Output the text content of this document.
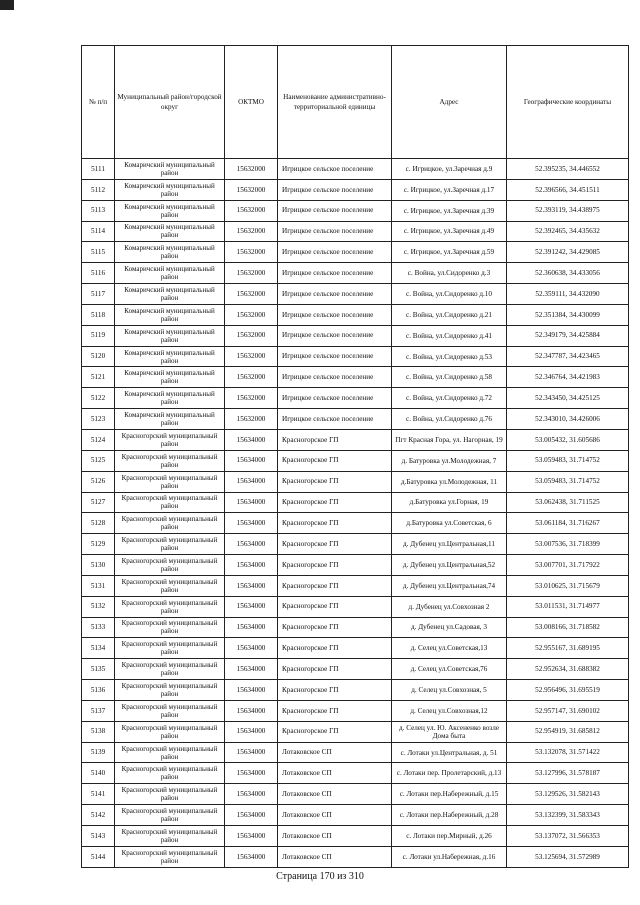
№ п/п	Муниципальный район/городской округ	ОКТМО	Наименование административно-территориальной единицы	Адрес	Географические координаты
5111	Комаричский муниципальный район	15632000	Игрицкое сельское поселение	с. Игрицкое, ул.Заречная д.9	52.395235, 34.446552
5112	Комаричский муниципальный район	15632000	Игрицкое сельское поселение	с. Игрицкое, ул.Заречная д.17	52.396566, 34.451511
5113	Комаричский муниципальный район	15632000	Игрицкое сельское поселение	с. Игрицкое, ул.Заречная д.39	52.393119, 34.438975
5114	Комаричский муниципальный район	15632000	Игрицкое сельское поселение	с. Игрицкое, ул.Заречная д.49	52.392465, 34.435632
5115	Комаричский муниципальный район	15632000	Игрицкое сельское поселение	с. Игрицкое, ул.Заречная д.59	52.391242, 34.429085
5116	Комаричский муниципальный район	15632000	Игрицкое сельское поселение	с. Война, ул.Сидоренко д.3	52.360638, 34.433056
5117	Комаричский муниципальный район	15632000	Игрицкое сельское поселение	с. Война, ул.Сидоренко д.10	52.359111, 34.432090
5118	Комаричский муниципальный район	15632000	Игрицкое сельское поселение	с. Война, ул.Сидоренко д.21	52.351384, 34.430099
5119	Комаричский муниципальный район	15632000	Игрицкое сельское поселение	с. Война, ул.Сидоренко д.41	52.349179, 34.425884
5120	Комаричский муниципальный район	15632000	Игрицкое сельское поселение	с. Война, ул.Сидоренко д.53	52.347787, 34.423465
5121	Комаричский муниципальный район	15632000	Игрицкое сельское поселение	с. Война, ул.Сидоренко д.58	52.346764, 34.421983
5122	Комаричский муниципальный район	15632000	Игрицкое сельское поселение	с. Война, ул.Сидоренко д.72	52.343450, 34.425125
5123	Комаричский муниципальный район	15632000	Игрицкое сельское поселение	с. Война, ул.Сидоренко д.76	52.343010, 34.426006
5124	Красногорский муниципальный район	15634000	Красногорское ГП	Пгт Красная Гора, ул. Нагорная, 19	53.005432, 31.605686
5125	Красногорский муниципальный район	15634000	Красногорское ГП	д. Батуровка ул.Молодежная, 7	53.059483, 31.714752
5126	Красногорский муниципальный район	15634000	Красногорское ГП	д.Батуровка ул.Молодежная, 11	53.059483, 31.714752
5127	Красногорский муниципальный район	15634000	Красногорское ГП	д.Батуровка ул.Горная, 19	53.062438, 31.711525
5128	Красногорский муниципальный район	15634000	Красногорское ГП	д.Батуровка ул.Советская, 6	53.061184, 31.716267
5129	Красногорский муниципальный район	15634000	Красногорское ГП	д. Дубенец ул.Центральная,11	53.007536, 31.718399
5130	Красногорский муниципальный район	15634000	Красногорское ГП	д. Дубенец ул.Центральная,52	53.007701, 31.717922
5131	Красногорский муниципальный район	15634000	Красногорское ГП	д. Дубенец ул.Центральная,74	53.010625, 31.715679
5132	Красногорский муниципальный район	15634000	Красногорское ГП	д. Дубенец ул.Совхозная 2	53.011531, 31.714977
5133	Красногорский муниципальный район	15634000	Красногорское ГП	д. Дубенец ул.Садовая, 3	53.008166, 31.718582
5134	Красногорский муниципальный район	15634000	Красногорское ГП	д. Селец ул.Советская,13	52.955167, 31.689195
5135	Красногорский муниципальный район	15634000	Красногорское ГП	д. Селец ул.Советская,76	52.952634, 31.688382
5136	Красногорский муниципальный район	15634000	Красногорское ГП	д. Селец ул.Совхозная, 5	52.956496, 31.695519
5137	Красногорский муниципальный район	15634000	Красногорское ГП	д. Селец ул.Совхозная,12	52.957147, 31.690102
5138	Красногорский муниципальный район	15634000	Красногорское ГП	д. Селец ул. Ю. Аксененко возле Дома быта	52.954919, 31.685812
5139	Красногорский муниципальный район	15634000	Лотаковское СП	с. Лотаки ул.Центральная, д. 51	53.132078, 31.571422
5140	Красногорский муниципальный район	15634000	Лотаковское СП	с. Лотаки пер. Пролетарский, д.13	53.127996, 31.578187
5141	Красногорский муниципальный район	15634000	Лотаковское СП	с. Лотаки пер.Набережный, д.15	53.129526, 31.582143
5142	Красногорский муниципальный район	15634000	Лотаковское СП	с. Лотаки пер.Набережный, д.28	53.132399, 31.583343
5143	Красногорский муниципальный район	15634000	Лотаковское СП	с. Лотаки пер.Мирный, д.26	53.137072, 31.566353
5144	Красногорский муниципальный район	15634000	Лотаковское СП	с. Лотаки ул.Набережная, д.16	53.125694, 31.572989
Страница 170 из 310
